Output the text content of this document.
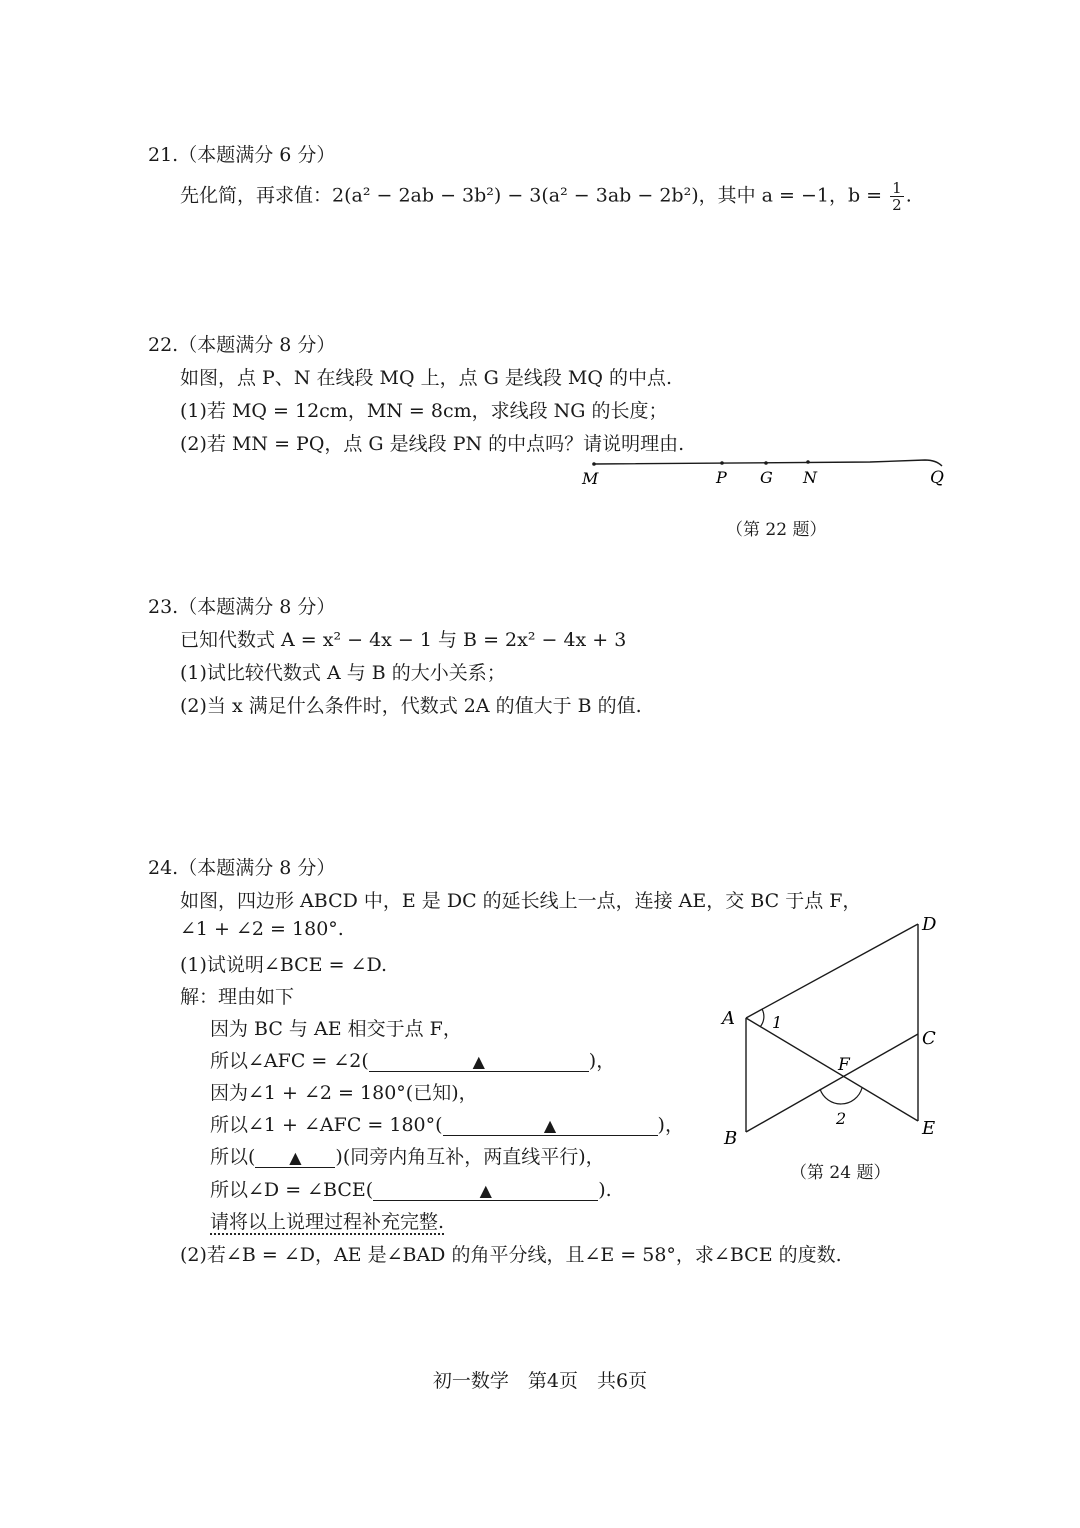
21.（本题满分 6 分）
先化简，再求值：2(a² − 2ab − 3b²) − 3(a² − 3ab − 2b²)，其中 a = −1，$b = \frac{1}{2}$ .
22.（本题满分 8 分）
如图，点 P、N 在线段 MQ 上，点 G 是线段 MQ 的中点.
(1)若 MQ = 12cm，MN = 8cm，求线段 NG 的长度；
(2)若 MN = PQ，点 G 是线段 PN 的中点吗？请说明理由.
M	P G N	Q
（第 22 题）
23.（本题满分 8 分）
已知代数式 A = x² − 4x − 1 与 B = 2x² − 4x + 3
(1)试比较代数式 A 与 B 的大小关系；
(2)当 x 满足什么条件时，代数式 2A 的值大于 B 的值.
24.（本题满分 8 分）
如图，四边形 ABCD 中，E 是 DC 的延长线上一点，连接 AE，交 BC 于点 F，
∠1 + ∠2 = 180°.
(1)试说明∠BCE = ∠D.
解：理由如下
因为 BC 与 AE 相交于点 F，
所以∠AFC = ∠2(	▲	)，
因为∠1 + ∠2 = 180°(已知)，
所以∠1 + ∠AFC = 180°(	▲	)，
所以( ▲ )(同旁内角互补，两直线平行)，
所以∠D = ∠BCE(	▲	).
请将以上说理过程补充完整.
(2)若∠B = ∠D，AE 是∠BAD 的角平分线，且∠E = 58°，求∠BCE 的度数.
A
B
C
D
E
F
1
2
（第 24 题）
初一数学　第4页　共6页
